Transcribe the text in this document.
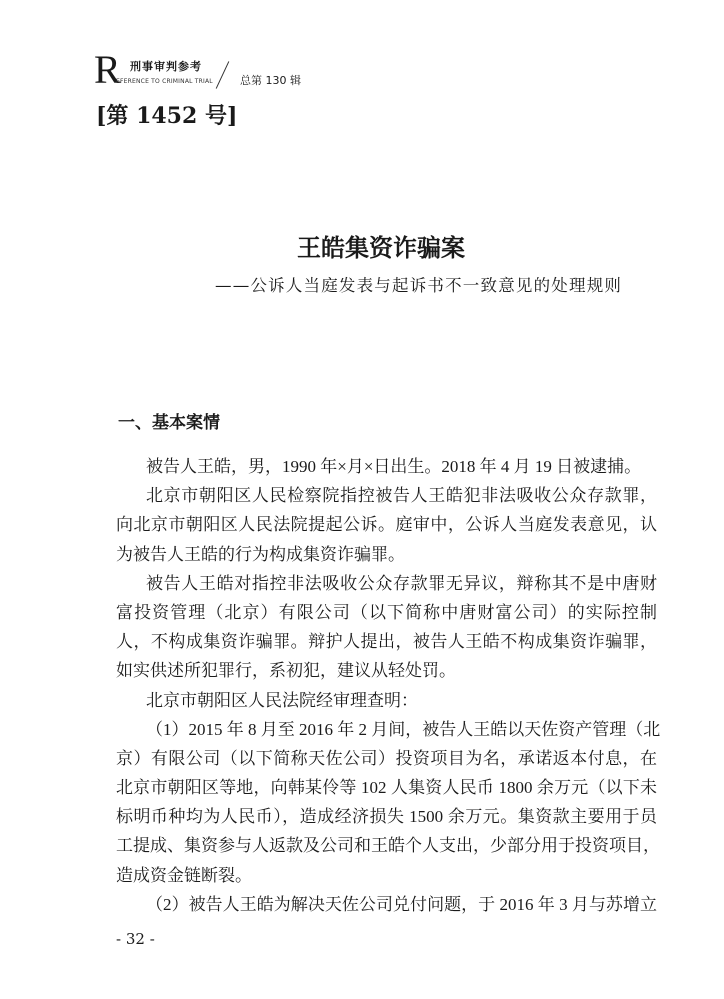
R 刑事审判参考
EFERENCE TO CRIMINAL TRIAL 总第 130 辑
[第 1452 号]
王皓集资诈骗案
——公诉人当庭发表与起诉书不一致意见的处理规则
一、基本案情
被告人王皓，男，1990 年×月×日出生。2018 年 4 月 19 日被逮捕。
北京市朝阳区人民检察院指控被告人王皓犯非法吸收公众存款罪，
向北京市朝阳区人民法院提起公诉。庭审中，公诉人当庭发表意见，认
为被告人王皓的行为构成集资诈骗罪。
被告人王皓对指控非法吸收公众存款罪无异议，辩称其不是中唐财
富投资管理（北京）有限公司（以下简称中唐财富公司）的实际控制
人，不构成集资诈骗罪。辩护人提出，被告人王皓不构成集资诈骗罪，
如实供述所犯罪行，系初犯，建议从轻处罚。
北京市朝阳区人民法院经审理查明：
（1）2015 年 8 月至 2016 年 2 月间，被告人王皓以天佐资产管理（北
京）有限公司（以下简称天佐公司）投资项目为名，承诺返本付息，在
北京市朝阳区等地，向韩某伶等 102 人集资人民币 1800 余万元（以下未
标明币种均为人民币），造成经济损失 1500 余万元。集资款主要用于员
工提成、集资参与人返款及公司和王皓个人支出，少部分用于投资项目，
造成资金链断裂。
（2）被告人王皓为解决天佐公司兑付问题，于 2016 年 3 月与苏增立
- 32 -
